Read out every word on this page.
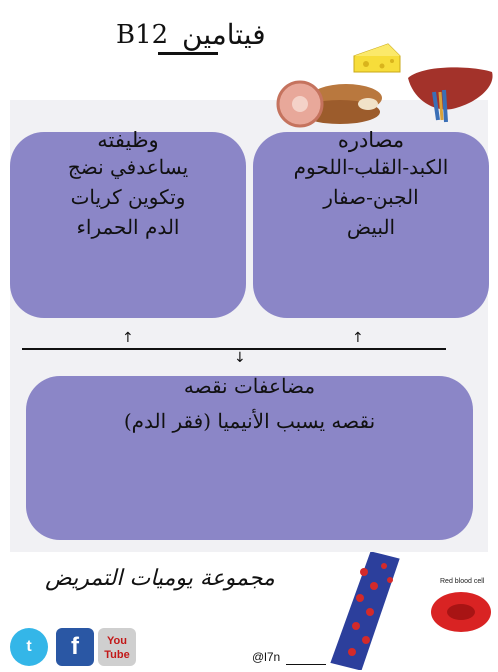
فيتامين
B12
وظيفته
يساعدفي نضج
وتكوين كريات
الدم الحمراء
مصادره
الكبد-القلب-اللحوم
الجبن-صفار
البيض
↑	↑
↓
مضاعفات نقصه
نقصه يسبب الأنيميا (فقر الدم)
مجموعة يوميات التمريض
t	f	You Tube	@l7n
Red blood cell
